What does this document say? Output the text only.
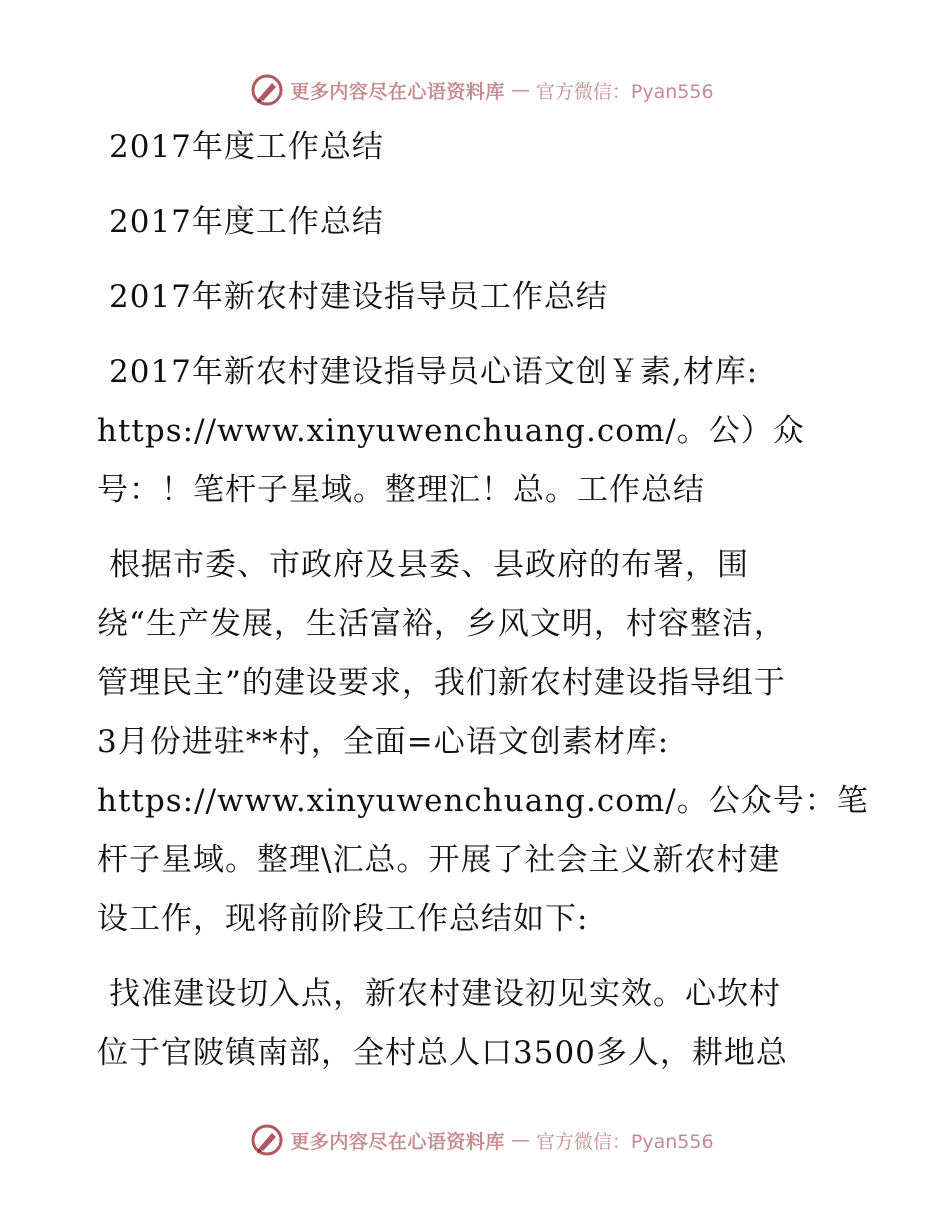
更多内容尽在心语资料库 — 官方微信：Pyan556
2017年度工作总结
2017年度工作总结
2017年新农村建设指导员工作总结
2017年新农村建设指导员心语文创￥素,材库:
https://www.xinyuwenchuang.com/。公）众
号：！笔杆子星域。整理汇！总。工作总结
根据市委、市政府及县委、县政府的布署，围
绕“生产发展，生活富裕，乡风文明，村容整洁，
管理民主”的建设要求，我们新农村建设指导组于
3月份进驻**村，全面=心语文创素材库:
https://www.xinyuwenchuang.com/。公众号：笔
杆子星域。整理\汇总。开展了社会主义新农村建
设工作，现将前阶段工作总结如下:
找准建设切入点，新农村建设初见实效。心坎村
位于官陂镇南部，全村总人口3500多人，耕地总
更多内容尽在心语资料库 — 官方微信：Pyan556
